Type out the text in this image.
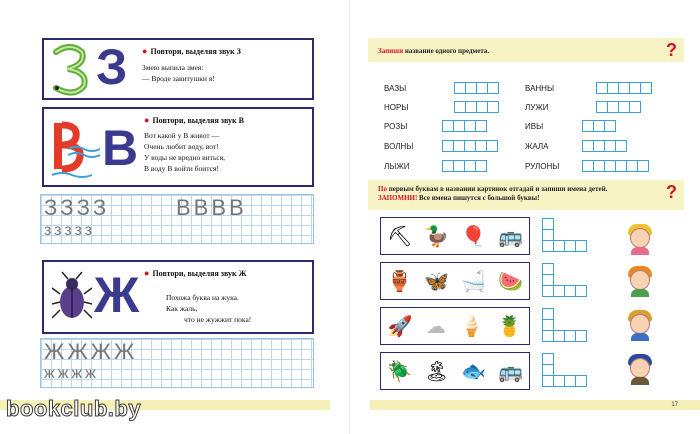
З ● Повтори, выделяя звук З
Змею выпила змея:
— Вроде завитушки я!
В ● Повтори, выделяя звук В
Вот какой у В живот —
Очень любит воду, вот!
У воды не вредно виться,
В воду В войти боится!
ЗЗЗЗ	ВВВВ
ззззз
Ж ● Повтори, выделяя звук Ж
Похожа буква на жука.
Как жаль,
что не жужжит пока!
ЖЖЖЖ
жжжж
bookclub.by
Запиши название одного предмета.	?
ВАЗЫ
НОРЫ
РОЗЫ
ВОЛНЫ
ЛЫЖИ
ВАННЫ
ЛУЖИ
ИВЫ
ЖАЛА
РУЛОНЫ
По первым буквам в названии картинок отгадай и запиши имена детей. ЗАПОМНИ! Все имена пишутся с большой буквы!	?
⛏ 🦆 🎈 🚌
🏺 🦋 🛁 🍉
🚀 ☁ 🍦 🍍
🪲 🏝 🐟 🚌
17
